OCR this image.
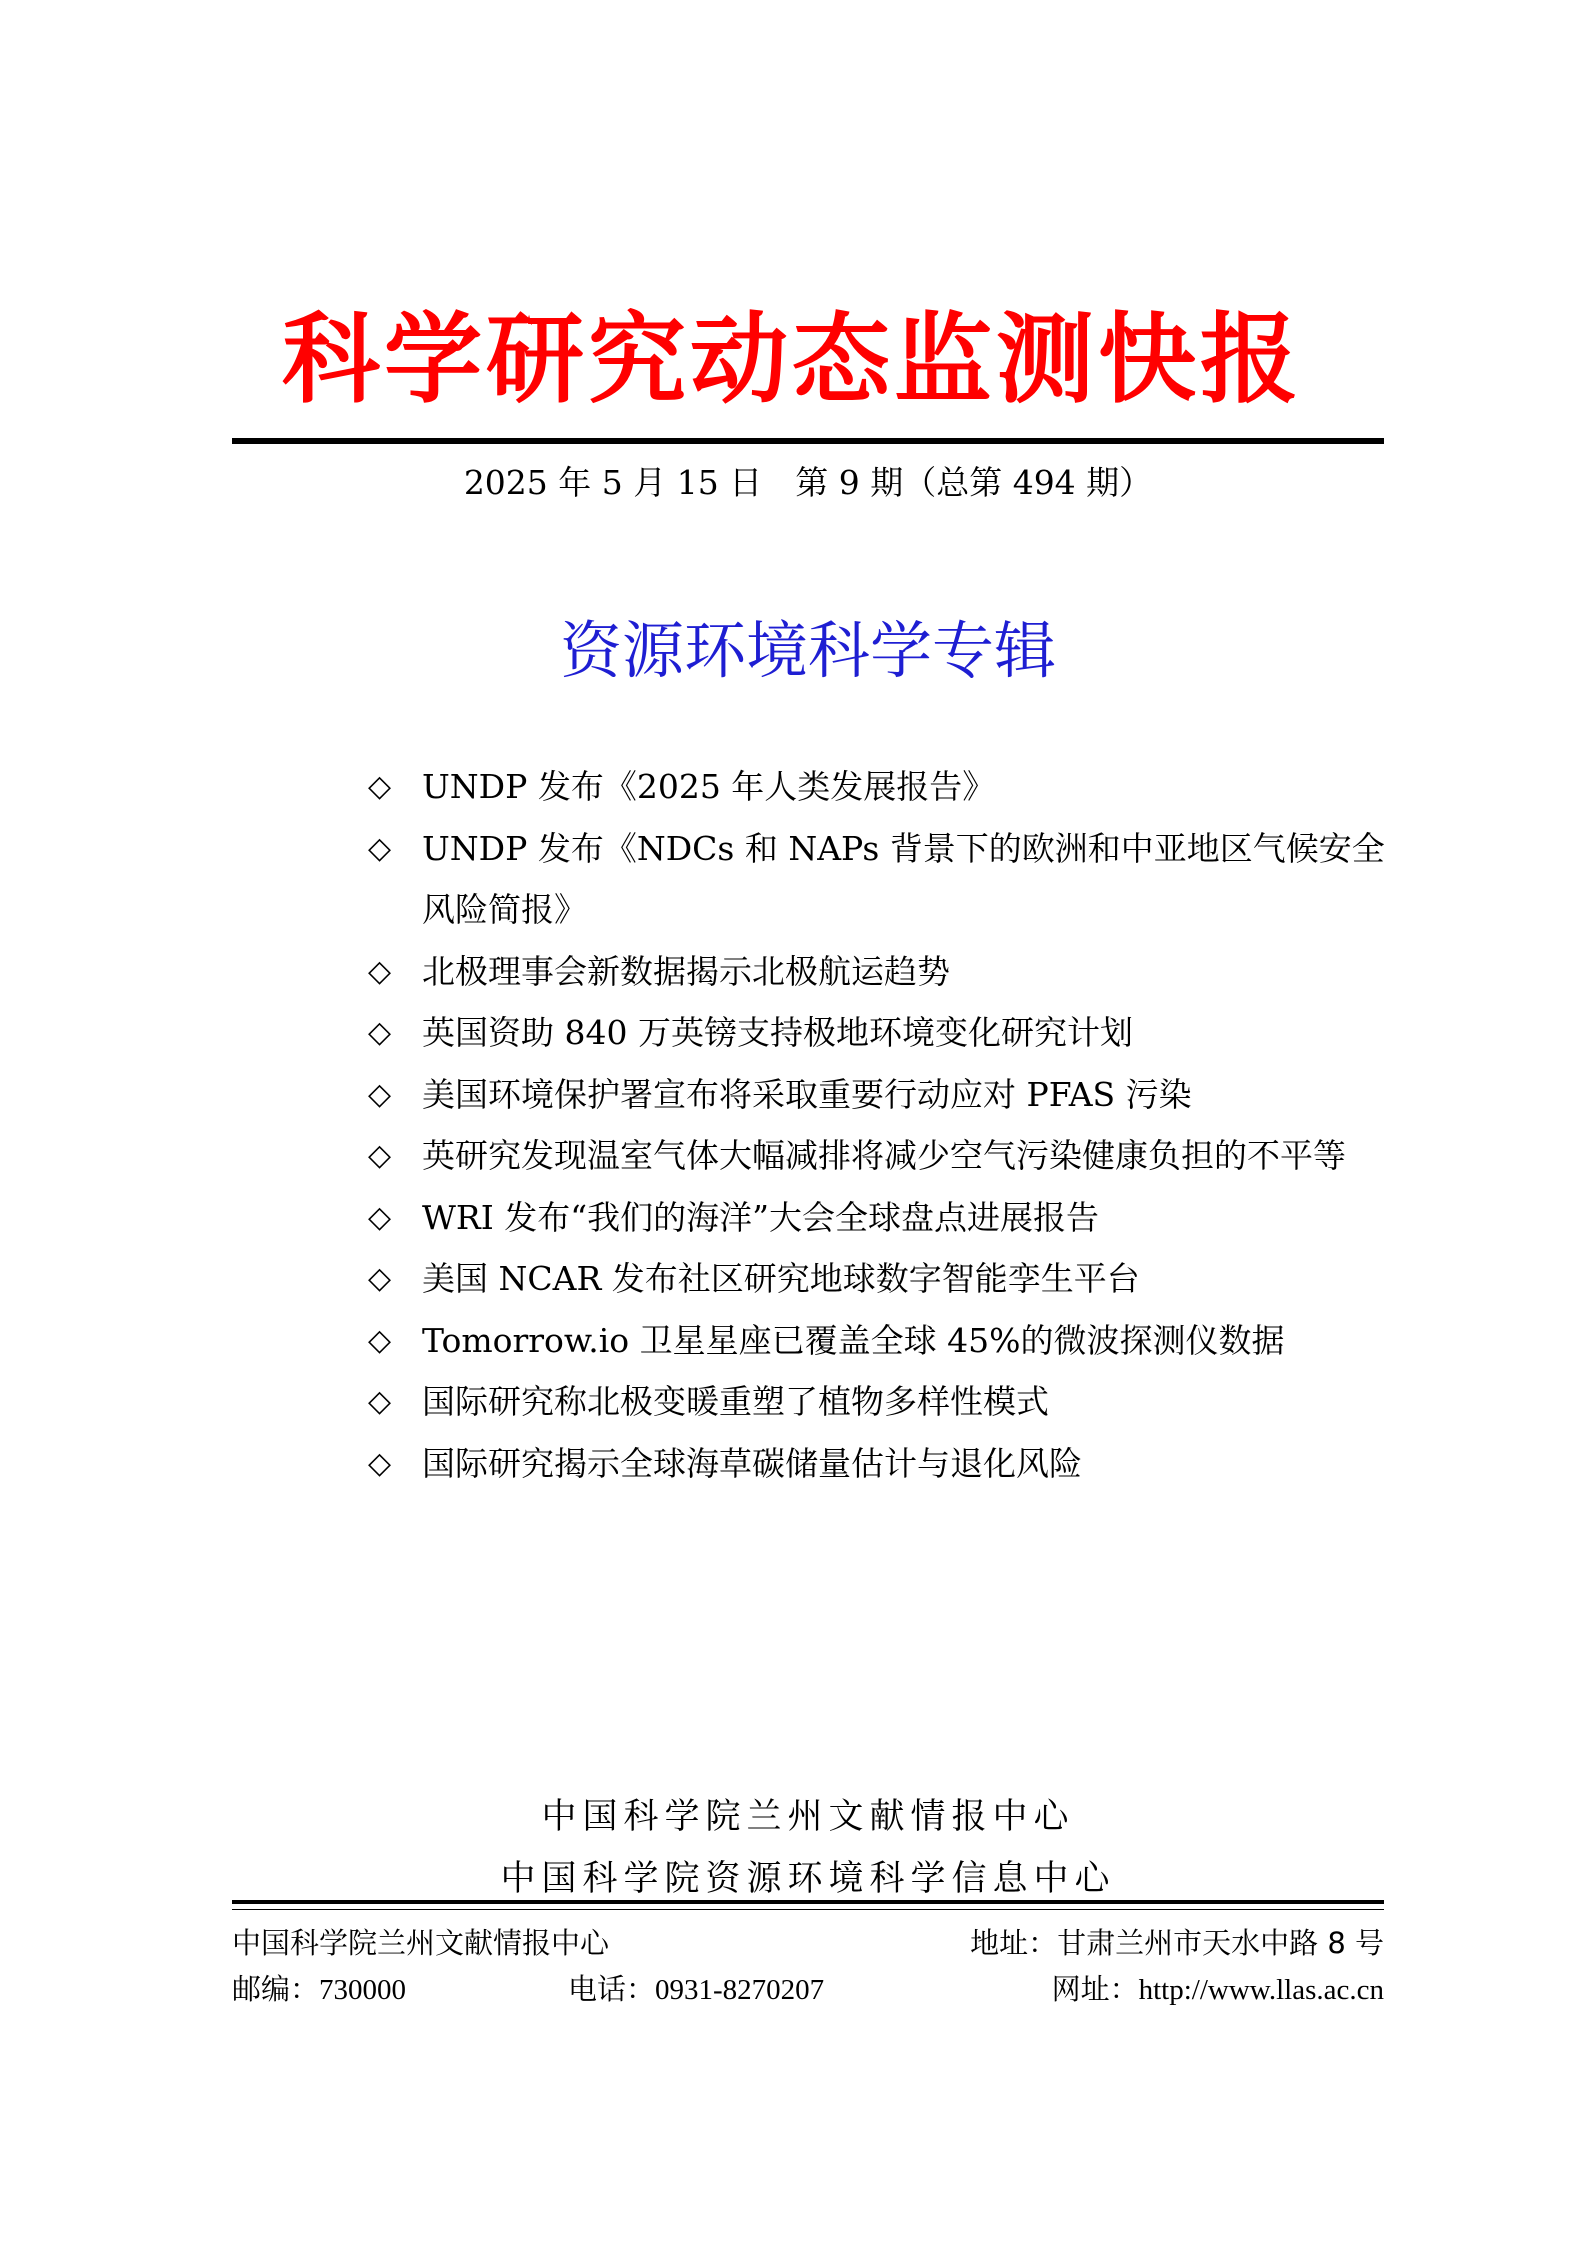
科学研究动态监测快报
2025 年 5 月 15 日　第 9 期（总第 494 期）
资源环境科学专辑
◇ UNDP 发布《2025 年人类发展报告》
◇ UNDP 发布《NDCs 和 NAPs 背景下的欧洲和中亚地区气候安全风险简报》
◇ 北极理事会新数据揭示北极航运趋势
◇ 英国资助 840 万英镑支持极地环境变化研究计划
◇ 美国环境保护署宣布将采取重要行动应对 PFAS 污染
◇ 英研究发现温室气体大幅减排将减少空气污染健康负担的不平等
◇ WRI 发布“我们的海洋”大会全球盘点进展报告
◇ 美国 NCAR 发布社区研究地球数字智能孪生平台
◇ Tomorrow.io 卫星星座已覆盖全球 45%的微波探测仪数据
◇ 国际研究称北极变暖重塑了植物多样性模式
◇ 国际研究揭示全球海草碳储量估计与退化风险
中国科学院兰州文献情报中心
中国科学院资源环境科学信息中心
中国科学院兰州文献情报中心	地址：甘肃兰州市天水中路 8 号
邮编：730000	电话：0931-8270207	网址：http://www.llas.ac.cn
